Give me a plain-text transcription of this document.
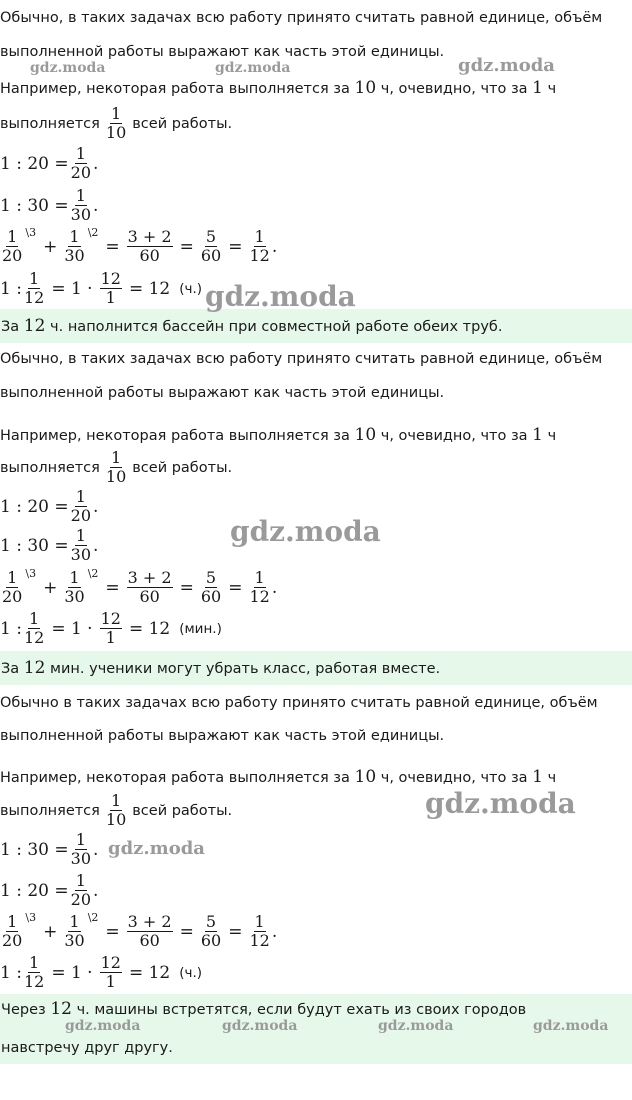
Обычно, в таких задачах всю работу принято считать равной единице, объём
выполненной работы выражают как часть этой единицы.
Например, некоторая работа выполняется за 10 ч, очевидно, что за 1 ч
выполняется $\frac{1}{10}$ всей работы.
1 : $20 = \frac{1}{20}$ .
1 : $30 = \frac{1}{30}$ .
$\frac{1}{20}$ \3
+ $\frac{1}{30}$ \2
= $\frac{3 + 2}{60} = \frac{5}{60} = \frac{1}{12}$ .
1 : $\frac{1}{12} = 1 \cdot \frac{12}{1} = 12$ (ч.)
За 12 ч. наполнится бассейн при совместной работе обеих труб.
Обычно, в таких задачах всю работу принято считать равной единице, объём
выполненной работы выражают как часть этой единицы.
Например, некоторая работа выполняется за 10 ч, очевидно, что за 1 ч
выполняется $\frac{1}{10}$ всей работы.
1 : $20 = \frac{1}{20}$ .
1 : $30 = \frac{1}{30}$ .
$\frac{1}{20}$ \3
+ $\frac{1}{30}$ \2
= $\frac{3 + 2}{60} = \frac{5}{60} = \frac{1}{12}$ .
1 : $\frac{1}{12} = 1 \cdot \frac{12}{1} = 12$ (мин.)
За 12 мин. ученики могут убрать класс, работая вместе.
Обычно в таких задачах всю работу принято считать равной единице, объём
выполненной работы выражают как часть этой единицы.
Например, некоторая работа выполняется за 10 ч, очевидно, что за 1 ч
выполняется $\frac{1}{10}$ всей работы.
1 : $30 = \frac{1}{30}$ .
1 : $20 = \frac{1}{20}$ .
$\frac{1}{20}$ \3
+ $\frac{1}{30}$ \2
= $\frac{3 + 2}{60} = \frac{5}{60} = \frac{1}{12}$ .
1 : $\frac{1}{12} = 1 \cdot \frac{12}{1} = 12$ (ч.)
Через 12 ч. машины встретятся, если будут ехать из своих городов
навстречу друг другу.
gdz.moda	gdz.moda	gdz.moda
gdz.moda
gdz.moda
gdz.moda
gdz.moda
gdz.moda	gdz.moda	gdz.moda	gdz.moda
